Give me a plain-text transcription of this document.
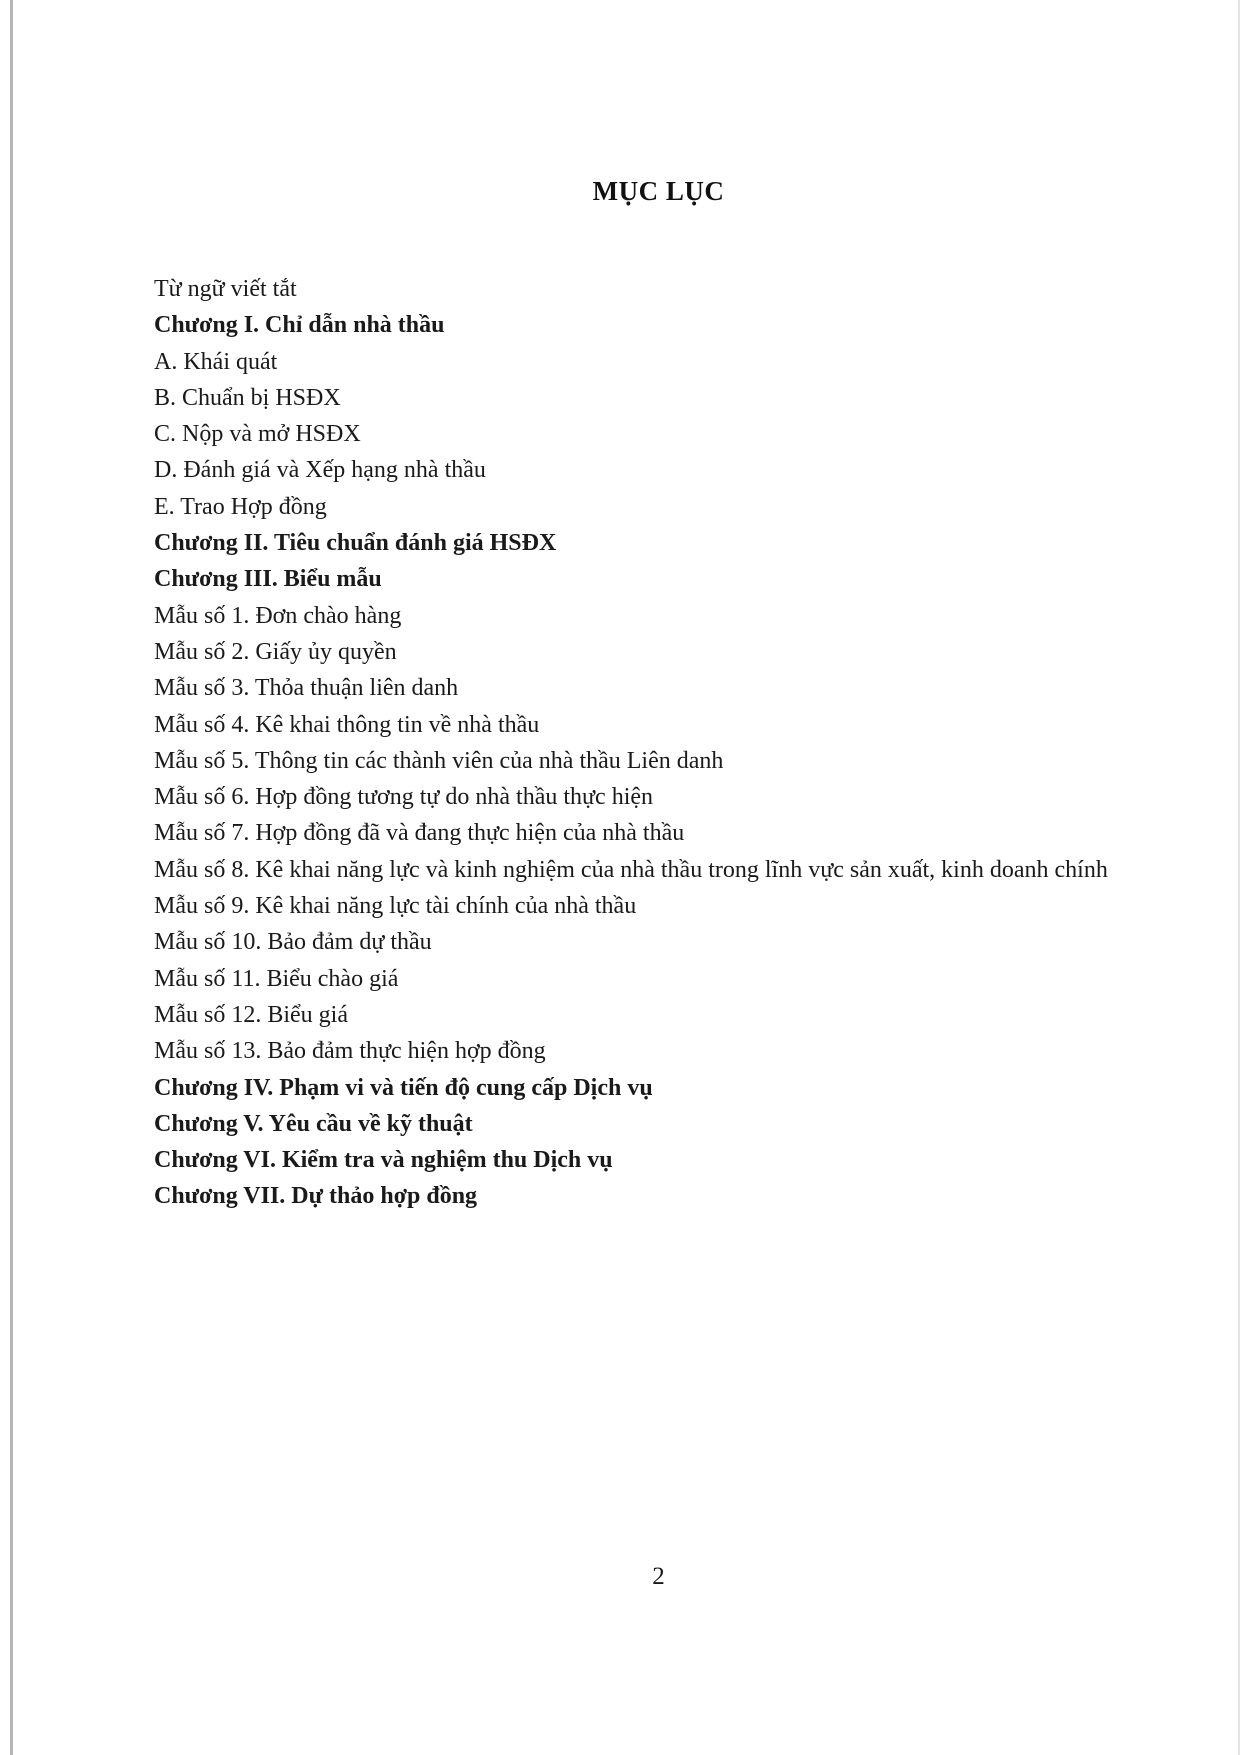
MỤC LỤC
Từ ngữ viết tắt
Chương I. Chỉ dẫn nhà thầu
A. Khái quát
B. Chuẩn bị HSĐX
C. Nộp và mở HSĐX
D. Đánh giá và Xếp hạng nhà thầu
E. Trao Hợp đồng
Chương II. Tiêu chuẩn đánh giá HSĐX
Chương III. Biểu mẫu
Mẫu số 1. Đơn chào hàng
Mẫu số 2. Giấy ủy quyền
Mẫu số 3. Thỏa thuận liên danh
Mẫu số 4. Kê khai thông tin về nhà thầu
Mẫu số 5. Thông tin các thành viên của nhà thầu Liên danh
Mẫu số 6. Hợp đồng tương tự do nhà thầu thực hiện
Mẫu số 7. Hợp đồng đã và đang thực hiện của nhà thầu
Mẫu số 8. Kê khai năng lực và kinh nghiệm của nhà thầu trong lĩnh vực sản xuất, kinh doanh chính
Mẫu số 9. Kê khai năng lực tài chính của nhà thầu
Mẫu số 10. Bảo đảm dự thầu
Mẫu số 11. Biểu chào giá
Mẫu số 12. Biểu giá
Mẫu số 13. Bảo đảm thực hiện hợp đồng
Chương IV. Phạm vi và tiến độ cung cấp Dịch vụ
Chương V. Yêu cầu về kỹ thuật
Chương VI. Kiểm tra và nghiệm thu Dịch vụ
Chương VII. Dự thảo hợp đồng
2
